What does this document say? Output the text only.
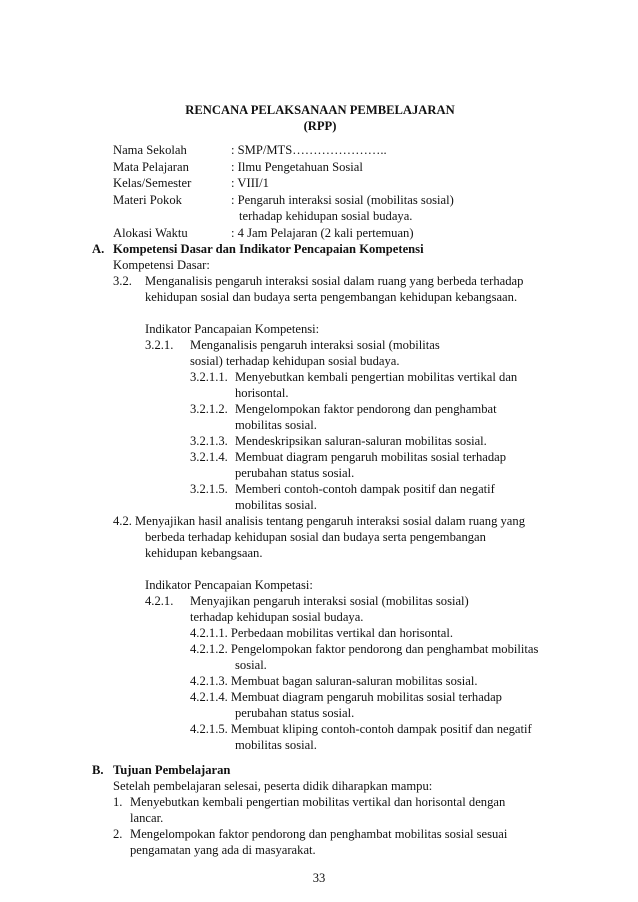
RENCANA PELAKSANAAN PEMBELAJARAN
(RPP)
Nama Sekolah	: SMP/MTS…………………..
Mata Pelajaran	: Ilmu Pengetahuan Sosial
Kelas/Semester	: VIII/1
Materi Pokok	: Pengaruh interaksi sosial (mobilitas sosial)
terhadap kehidupan sosial budaya.
Alokasi Waktu	: 4 Jam Pelajaran (2 kali pertemuan)
A. Kompetensi Dasar dan Indikator Pencapaian Kompetensi
Kompetensi Dasar:
3.2. Menganalisis pengaruh interaksi sosial dalam ruang yang berbeda terhadap
kehidupan sosial dan budaya serta pengembangan kehidupan kebangsaan.
Indikator Pancapaian Kompetensi:
3.2.1. Menganalisis pengaruh interaksi sosial (mobilitas
sosial) terhadap kehidupan sosial budaya.
3.2.1.1. Menyebutkan kembali pengertian mobilitas vertikal dan
horisontal.
3.2.1.2. Mengelompokan faktor pendorong dan penghambat
mobilitas sosial.
3.2.1.3. Mendeskripsikan saluran-saluran mobilitas sosial.
3.2.1.4. Membuat diagram pengaruh mobilitas sosial terhadap
perubahan status sosial.
3.2.1.5. Memberi contoh-contoh dampak positif dan negatif
mobilitas sosial.
4.2. Menyajikan hasil analisis tentang pengaruh interaksi sosial dalam ruang yang
berbeda terhadap kehidupan sosial dan budaya serta pengembangan
kehidupan kebangsaan.
Indikator Pencapaian Kompetasi:
4.2.1. Menyajikan pengaruh interaksi sosial (mobilitas sosial)
terhadap kehidupan sosial budaya.
4.2.1.1. Perbedaan mobilitas vertikal dan horisontal.
4.2.1.2. Pengelompokan faktor pendorong dan penghambat mobilitas
sosial.
4.2.1.3. Membuat bagan saluran-saluran mobilitas sosial.
4.2.1.4. Membuat diagram pengaruh mobilitas sosial terhadap
perubahan status sosial.
4.2.1.5. Membuat kliping contoh-contoh dampak positif dan negatif
mobilitas sosial.
B. Tujuan Pembelajaran
Setelah pembelajaran selesai, peserta didik diharapkan mampu:
1. Menyebutkan kembali pengertian mobilitas vertikal dan horisontal dengan
lancar.
2. Mengelompokan faktor pendorong dan penghambat mobilitas sosial sesuai
pengamatan yang ada di masyarakat.
33
